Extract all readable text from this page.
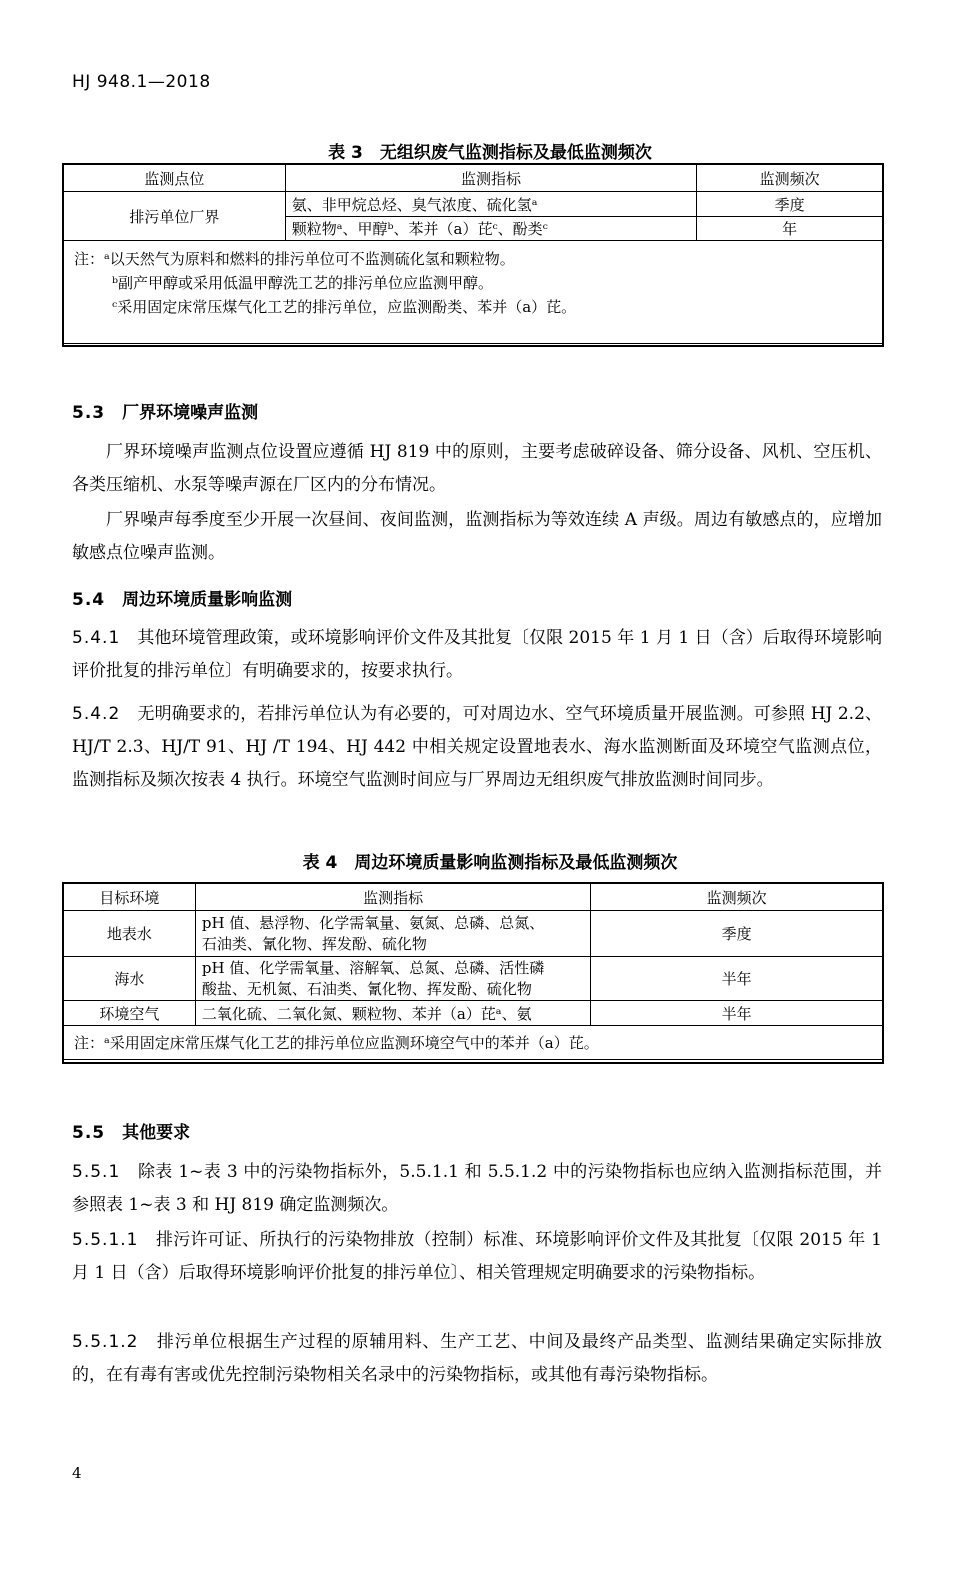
HJ 948.1—2018
表 3　无组织废气监测指标及最低监测频次
监测点位	监测指标	监测频次
排污单位厂界	氨、非甲烷总烃、臭气浓度、硫化氢ᵃ	季度
	颗粒物ᵃ、甲醇ᵇ、苯并（a）芘ᶜ、酚类ᶜ	年

注：ᵃ以天然气为原料和燃料的排污单位可不监测硫化氢和颗粒物。
ᵇ副产甲醇或采用低温甲醇洗工艺的排污单位应监测甲醇。
ᶜ采用固定床常压煤气化工艺的排污单位，应监测酚类、苯并（a）芘。		
5.3　 厂界环境噪声监测
厂界环境噪声监测点位设置应遵循 HJ 819 中的原则，主要考虑破碎设备、筛分设备、风机、空压机、各类压缩机、水泵等噪声源在厂区内的分布情况。
厂界噪声每季度至少开展一次昼间、夜间监测，监测指标为等效连续 A 声级。周边有敏感点的，应增加敏感点位噪声监测。
5.4　 周边环境质量影响监测
5.4.1　 其他环境管理政策，或环境影响评价文件及其批复〔仅限 2015 年 1 月 1 日（含）后取得环境影响评价批复的排污单位〕有明确要求的，按要求执行。
5.4.2　 无明确要求的，若排污单位认为有必要的，可对周边水、空气环境质量开展监测。可参照 HJ 2.2、HJ/T 2.3、HJ/T 91、HJ /T 194、HJ 442 中相关规定设置地表水、海水监测断面及环境空气监测点位，监测指标及频次按表 4 执行。环境空气监测时间应与厂界周边无组织废气排放监测时间同步。
表 4　周边环境质量影响监测指标及最低监测频次
目标环境	监测指标	监测频次
地表水	pH 值、悬浮物、化学需氧量、氨氮、总磷、总氮、
石油类、氰化物、挥发酚、硫化物	季度
海水	pH 值、化学需氧量、溶解氧、总氮、总磷、活性磷
酸盐、无机氮、石油类、氰化物、挥发酚、硫化物	半年
环境空气	二氧化硫、二氧化氮、颗粒物、苯并（a）芘ᵃ、氨	半年
注：ᵃ采用固定床常压煤气化工艺的排污单位应监测环境空气中的苯并（a）芘。		
5.5　 其他要求
5.5.1　 除表 1~表 3 中的污染物指标外，5.5.1.1 和 5.5.1.2 中的污染物指标也应纳入监测指标范围，并参照表 1~表 3 和 HJ 819 确定监测频次。
5.5.1.1　 排污许可证、所执行的污染物排放（控制）标准、环境影响评价文件及其批复〔仅限 2015 年 1 月 1 日（含）后取得环境影响评价批复的排污单位〕、相关管理规定明确要求的污染物指标。
5.5.1.2　 排污单位根据生产过程的原辅用料、生产工艺、中间及最终产品类型、监测结果确定实际排放的，在有毒有害或优先控制污染物相关名录中的污染物指标，或其他有毒污染物指标。
4
